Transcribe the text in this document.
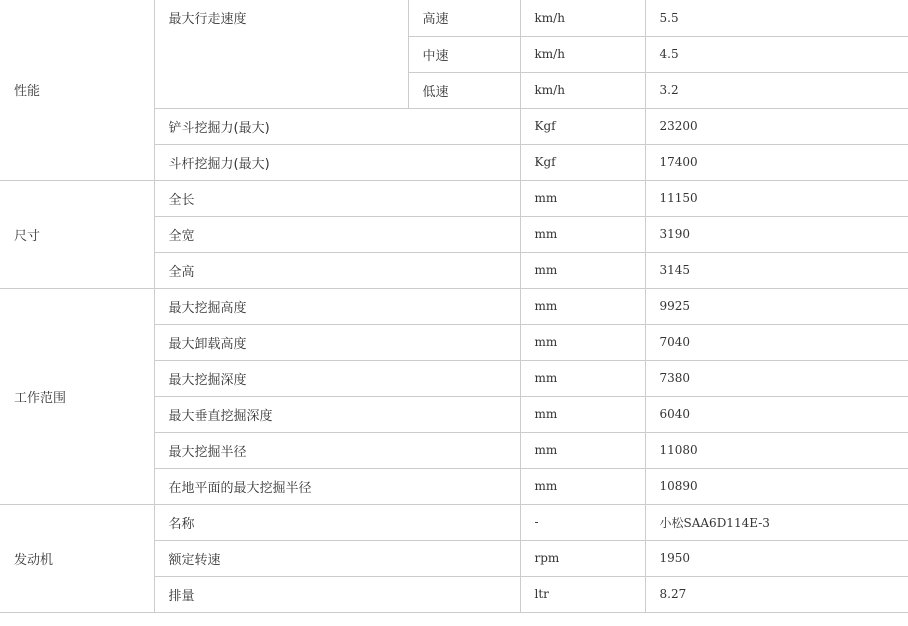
性能	最大行走速度	高速	km/h	5.5
		中速	km/h	4.5
		低速	km/h	3.2
	铲斗挖掘力(最大)		Kgf	23200
	斗杆挖掘力(最大)		Kgf	17400
尺寸	全长		mm	11150
	全宽		mm	3190
	全高		mm	3145
工作范围	最大挖掘高度		mm	9925
	最大卸载高度		mm	7040
	最大挖掘深度		mm	7380
	最大垂直挖掘深度		mm	6040
	最大挖掘半径		mm	11080
	在地平面的最大挖掘半径		mm	10890
发动机	名称		-	小松SAA6D114E-3
	额定转速		rpm	1950
	排量		ltr	8.27
